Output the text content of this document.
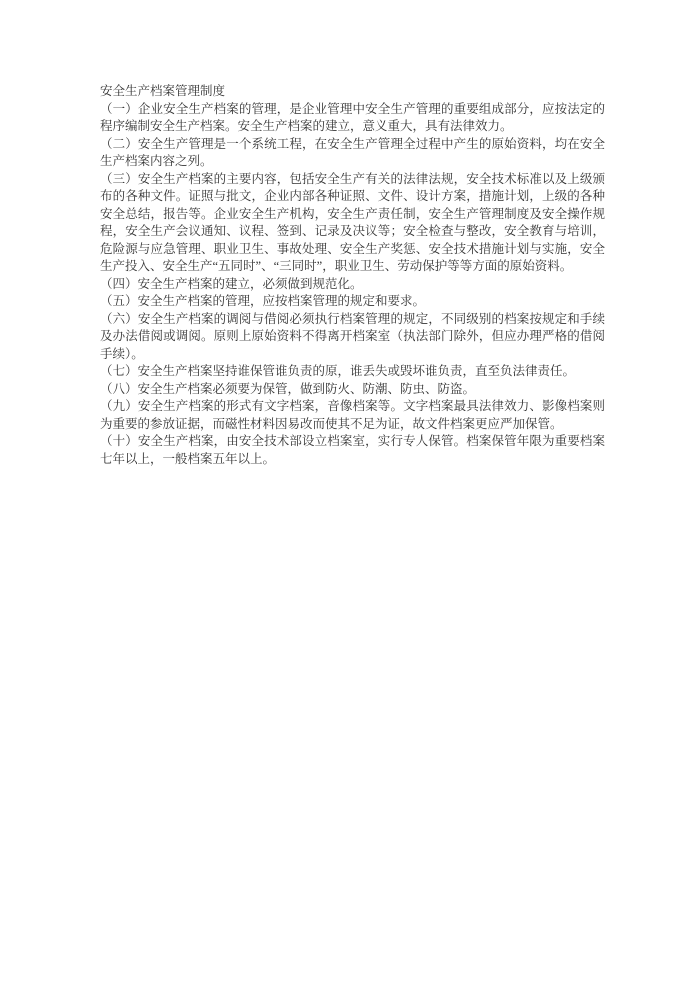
安全生产档案管理制度

（一）企业安全生产档案的管理，是企业管理中安全生产管理的重要组成部分，应按法定的程序编制安全生产档案。安全生产档案的建立，意义重大，具有法律效力。

（二）安全生产管理是一个系统工程，在安全生产管理全过程中产生的原始资料，均在安全生产档案内容之列。

（三）安全生产档案的主要内容，包括安全生产有关的法律法规，安全技术标准以及上级颁布的各种文件。证照与批文，企业内部各种证照、文件、设计方案，措施计划，上级的各种安全总结，报告等。企业安全生产机构，安全生产责任制，安全生产管理制度及安全操作规程，安全生产会议通知、议程、签到、记录及决议等；安全检查与整改，安全教育与培训，危险源与应急管理、职业卫生、事故处理、安全生产奖惩、安全技术措施计划与实施，安全生产投入、安全生产“五同时”、“三同时”，职业卫生、劳动保护等等方面的原始资料。

（四）安全生产档案的建立，必须做到规范化。

（五）安全生产档案的管理，应按档案管理的规定和要求。

（六）安全生产档案的调阅与借阅必须执行档案管理的规定，不同级别的档案按规定和手续及办法借阅或调阅。原则上原始资料不得离开档案室（执法部门除外，但应办理严格的借阅手续）。

（七）安全生产档案坚持谁保管谁负责的原，谁丢失或毁坏谁负责，直至负法律责任。

（八）安全生产档案必须要为保管，做到防火、防潮、防虫、防盗。

（九）安全生产档案的形式有文字档案，音像档案等。文字档案最具法律效力、影像档案则为重要的参放证据，而磁性材料因易改而使其不足为证，故文件档案更应严加保管。

（十）安全生产档案，由安全技术部设立档案室，实行专人保管。档案保管年限为重要档案七年以上，一般档案五年以上。
